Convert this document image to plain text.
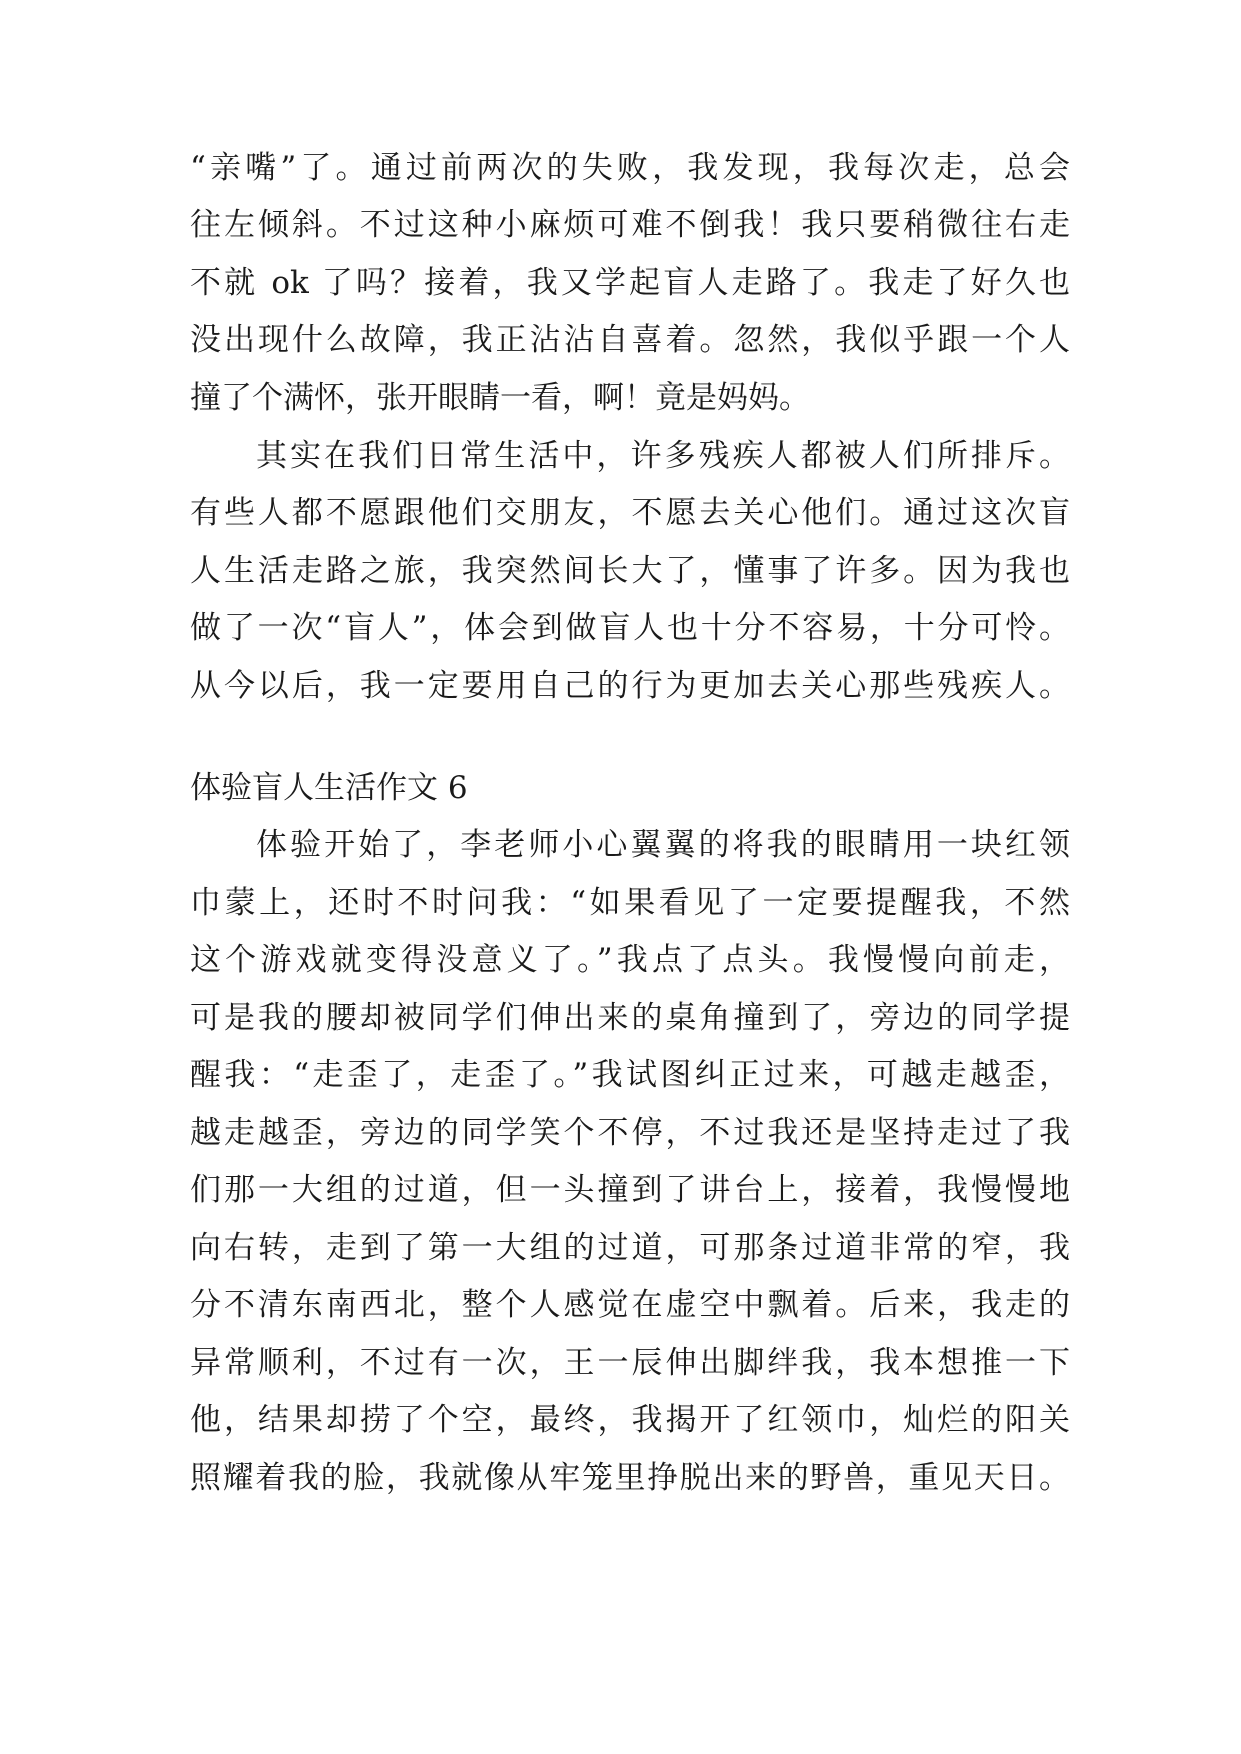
“亲嘴”了。通过前两次的失败，我发现，我每次走，总会
往左倾斜。不过这种小麻烦可难不倒我！我只要稍微往右走
不就 ok 了吗？接着，我又学起盲人走路了。我走了好久也
没出现什么故障，我正沾沾自喜着。忽然，我似乎跟一个人
撞了个满怀，张开眼睛一看，啊！竟是妈妈。
其实在我们日常生活中，许多残疾人都被人们所排斥。
有些人都不愿跟他们交朋友，不愿去关心他们。通过这次盲
人生活走路之旅，我突然间长大了，懂事了许多。因为我也
做了一次“盲人”，体会到做盲人也十分不容易，十分可怜。
从今以后，我一定要用自己的行为更加去关心那些残疾人。
体验盲人生活作文 6
体验开始了，李老师小心翼翼的将我的眼睛用一块红领
巾蒙上，还时不时问我：“如果看见了一定要提醒我，不然
这个游戏就变得没意义了。”我点了点头。我慢慢向前走，
可是我的腰却被同学们伸出来的桌角撞到了，旁边的同学提
醒我：“走歪了，走歪了。”我试图纠正过来，可越走越歪，
越走越歪，旁边的同学笑个不停，不过我还是坚持走过了我
们那一大组的过道，但一头撞到了讲台上，接着，我慢慢地
向右转，走到了第一大组的过道，可那条过道非常的窄，我
分不清东南西北，整个人感觉在虚空中飘着。后来，我走的
异常顺利，不过有一次，王一辰伸出脚绊我，我本想推一下
他，结果却捞了个空，最终，我揭开了红领巾，灿烂的阳关
照耀着我的脸，我就像从牢笼里挣脱出来的野兽，重见天日。
